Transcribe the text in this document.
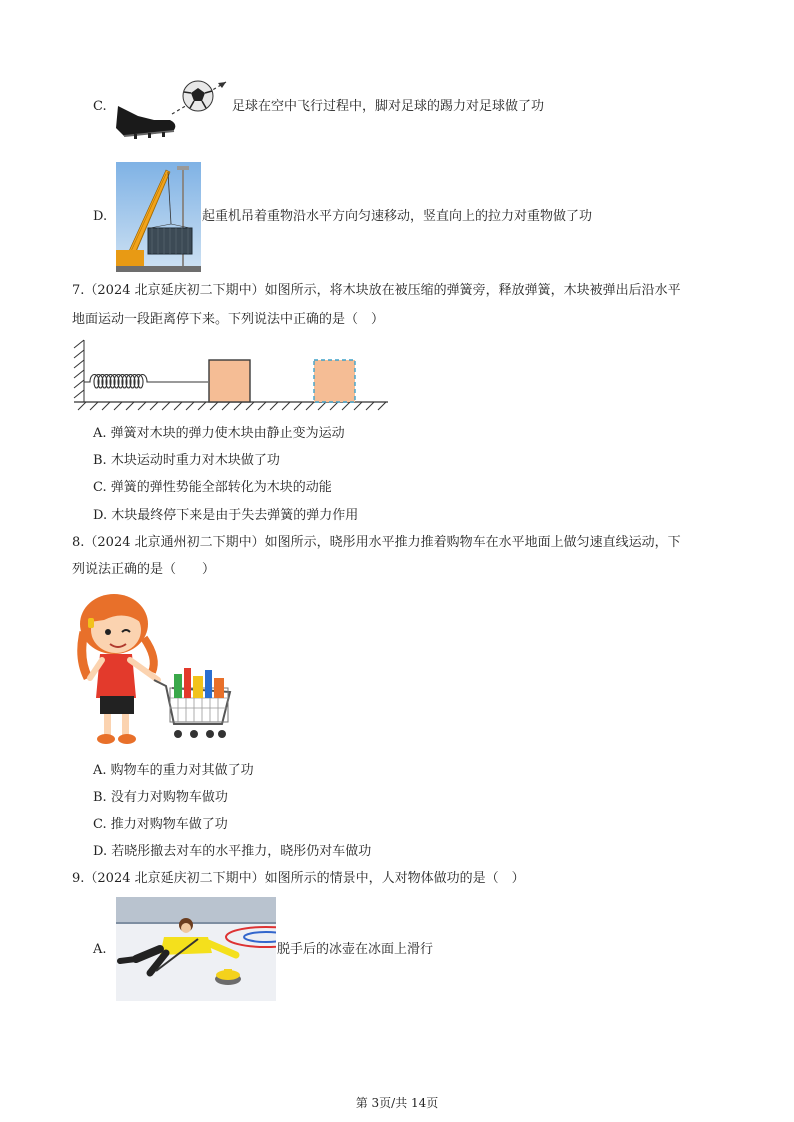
C.	足球在空中飞行过程中，脚对足球的踢力对足球做了功
D.	起重机吊着重物沿水平方向匀速移动，竖直向上的拉力对重物做了功
7.（2024 北京延庆初二下期中）如图所示，将木块放在被压缩的弹簧旁，释放弹簧，木块被弹出后沿水平
地面运动一段距离停下来。下列说法中正确的是（　）
A. 弹簧对木块的弹力使木块由静止变为运动
B. 木块运动时重力对木块做了功
C. 弹簧的弹性势能全部转化为木块的动能
D. 木块最终停下来是由于失去弹簧的弹力作用
8.（2024 北京通州初二下期中）如图所示，晓彤用水平推力推着购物车在水平地面上做匀速直线运动，下
列说法正确的是（　　）
A. 购物车的重力对其做了功
B. 没有力对购物车做功
C. 推力对购物车做了功
D. 若晓彤撤去对车的水平推力，晓彤仍对车做功
9.（2024 北京延庆初二下期中）如图所示的情景中，人对物体做功的是（　）
A.	脱手后的冰壶在冰面上滑行
第 3页/共 14页
